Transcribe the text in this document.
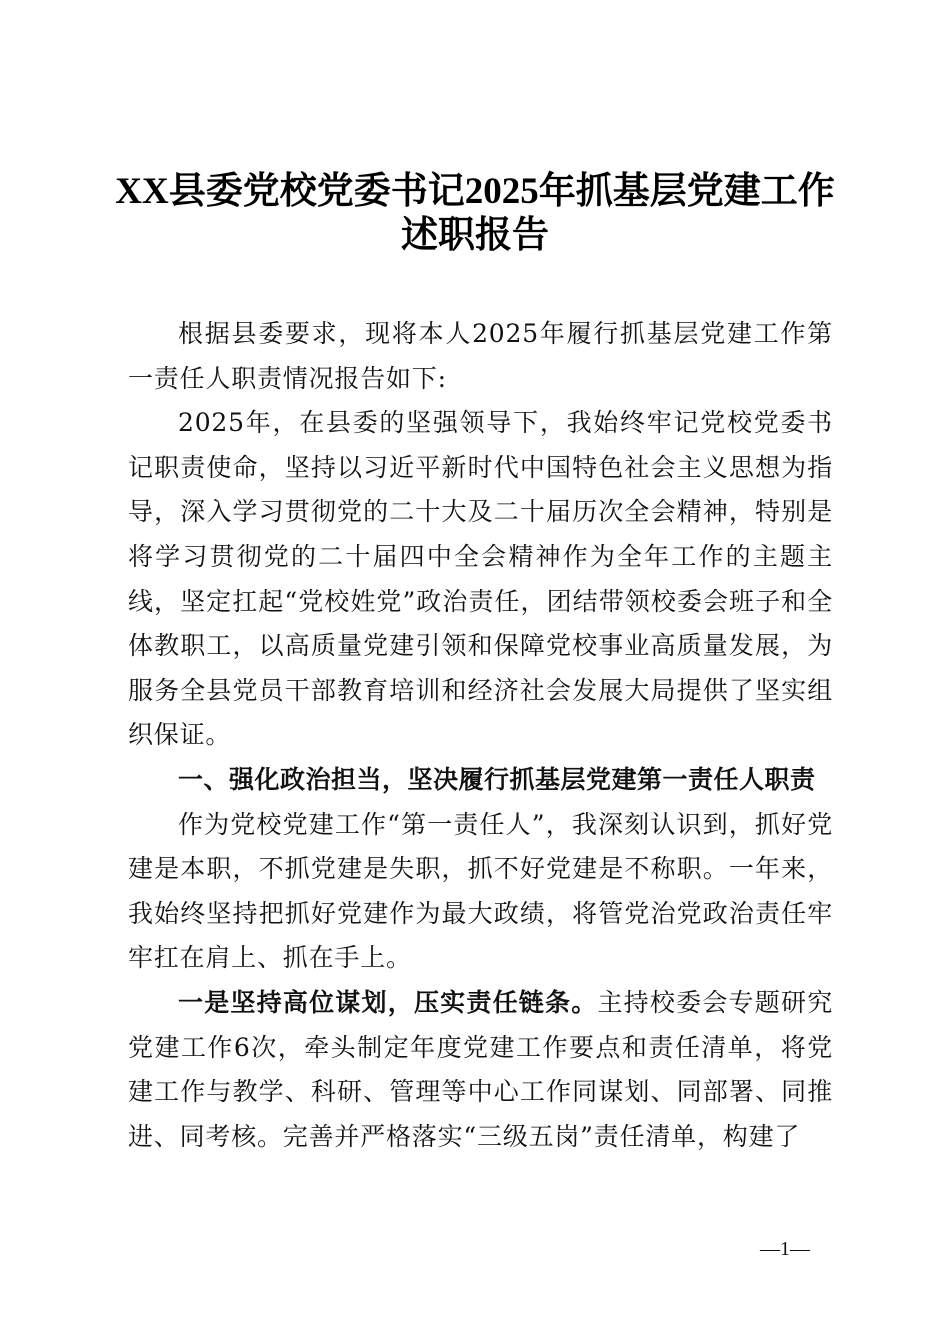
XX县委党校党委书记2025年抓基层党建工作
述职报告

根据县委要求，现将本人2025年履行抓基层党建工作第一责任人职责情况报告如下:

2025年，在县委的坚强领导下，我始终牢记党校党委书记职责使命，坚持以习近平新时代中国特色社会主义思想为指导，深入学习贯彻党的二十大及二十届历次全会精神，特别是将学习贯彻党的二十届四中全会精神作为全年工作的主题主线，坚定扛起“党校姓党”政治责任，团结带领校委会班子和全体教职工，以高质量党建引领和保障党校事业高质量发展，为服务全县党员干部教育培训和经济社会发展大局提供了坚实组织保证。

一、强化政治担当，坚决履行抓基层党建第一责任人职责

作为党校党建工作“第一责任人”，我深刻认识到，抓好党建是本职，不抓党建是失职，抓不好党建是不称职。一年来，我始终坚持把抓好党建作为最大政绩，将管党治党政治责任牢牢扛在肩上、抓在手上。

一是坚持高位谋划，压实责任链条。主持校委会专题研究党建工作6次，牵头制定年度党建工作要点和责任清单，将党建工作与教学、科研、管理等中心工作同谋划、同部署、同推进、同考核。完善并严格落实“三级五岗”责任清单，构建了

—1—
